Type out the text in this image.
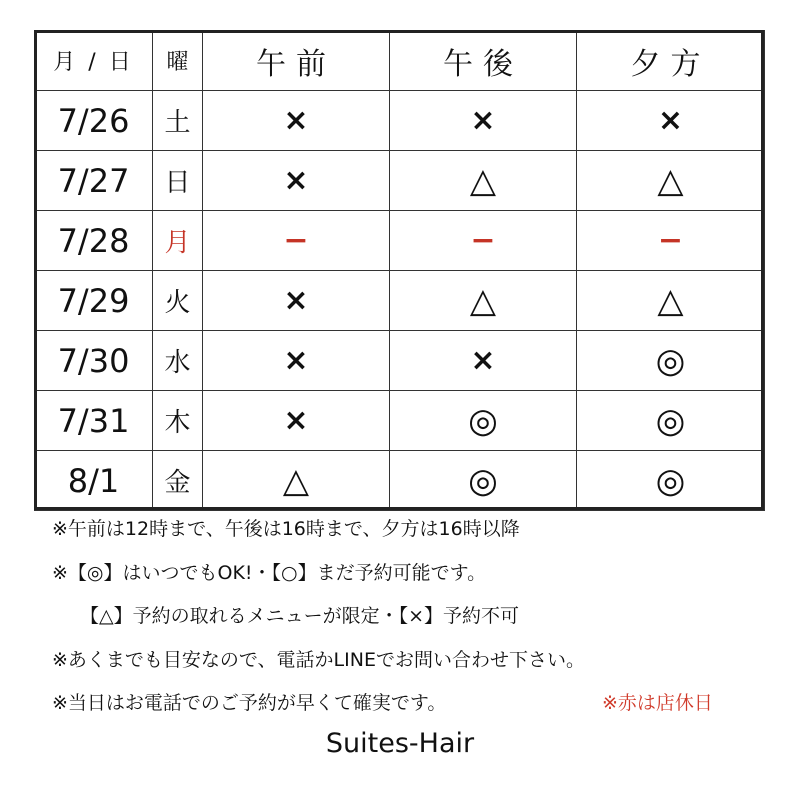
月 / 日	曜	午前	午後	夕方
7/26	土	×	×	×
7/27	日	×	△	△
7/28	月	−	−	−
7/29	火	×	△	△
7/30	水	×	×	◎
7/31	木	×	◎	◎
8/1	金	△	◎	◎
※午前は12時まで、午後は16時まで、夕方は16時以降
※【◎】はいつでもOK!・【○】まだ予約可能です。
【△】予約の取れるメニューが限定・【×】予約不可
※あくまでも目安なので、電話かLINEでお問い合わせ下さい。
※当日はお電話でのご予約が早くて確実です。	※赤は店休日
Suites-Hair
